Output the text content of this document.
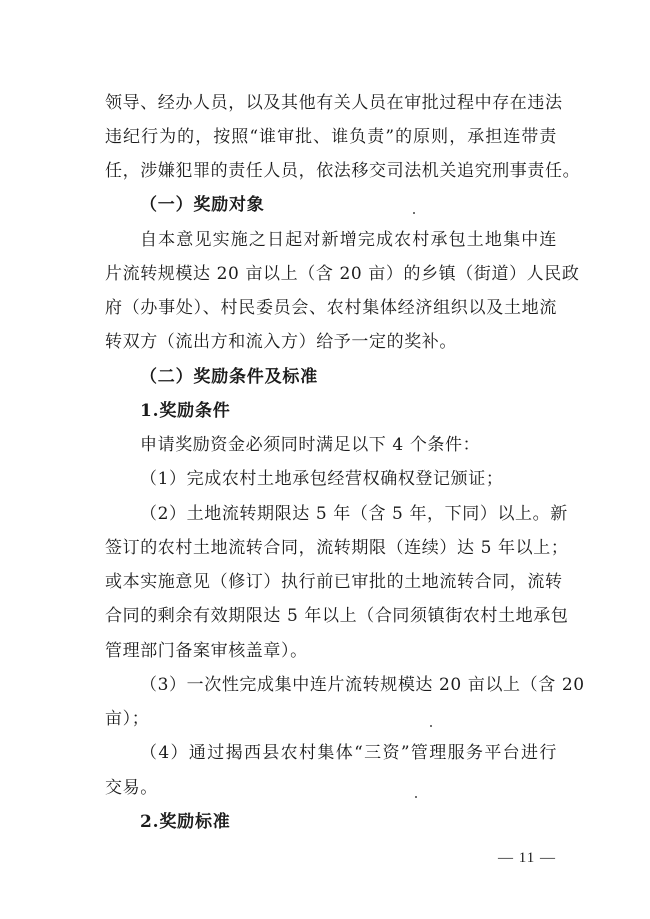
领导、经办人员，以及其他有关人员在审批过程中存在违法
违纪行为的，按照“谁审批、谁负责”的原则，承担连带责
任，涉嫌犯罪的责任人员，依法移交司法机关追究刑事责任。
（一）奖励对象
自本意见实施之日起对新增完成农村承包土地集中连
片流转规模达 20 亩以上（含 20 亩）的乡镇（街道）人民政
府（办事处）、村民委员会、农村集体经济组织以及土地流
转双方（流出方和流入方）给予一定的奖补。
（二）奖励条件及标准
1.奖励条件
申请奖励资金必须同时满足以下 4 个条件：
（1）完成农村土地承包经营权确权登记颁证；
（2）土地流转期限达 5 年（含 5 年，下同）以上。新
签订的农村土地流转合同，流转期限（连续）达 5 年以上；
或本实施意见（修订）执行前已审批的土地流转合同，流转
合同的剩余有效期限达 5 年以上（合同须镇街农村土地承包
管理部门备案审核盖章）。
（3）一次性完成集中连片流转规模达 20 亩以上（含 20
亩）；
（4）通过揭西县农村集体“三资”管理服务平台进行
交易。
2.奖励标准
— 11 —
